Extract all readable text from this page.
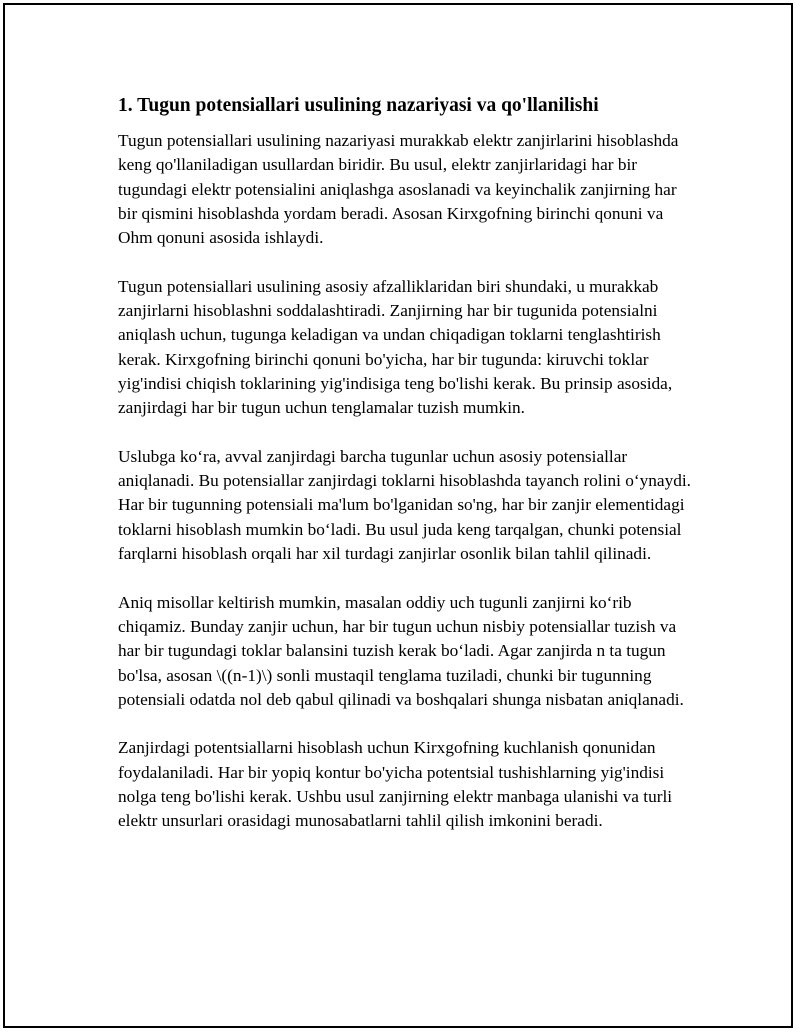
1. Tugun potensiallari usulining nazariyasi va qo'llanilishi

Tugun potensiallari usulining nazariyasi murakkab elektr zanjirlarini hisoblashda keng qo'llaniladigan usullardan biridir. Bu usul, elektr zanjirlaridagi har bir tugundagi elektr potensialini aniqlashga asoslanadi va keyinchalik zanjirning har bir qismini hisoblashda yordam beradi. Asosan Kirxgofning birinchi qonuni va Ohm qonuni asosida ishlaydi.

Tugun potensiallari usulining asosiy afzalliklaridan biri shundaki, u murakkab zanjirlarni hisoblashni soddalashtiradi. Zanjirning har bir tugunida potensialni aniqlash uchun, tugunga keladigan va undan chiqadigan toklarni tenglashtirish kerak. Kirxgofning birinchi qonuni bo'yicha, har bir tugunda: kiruvchi toklar yig'indisi chiqish toklarining yig'indisiga teng bo'lishi kerak. Bu prinsip asosida, zanjirdagi har bir tugun uchun tenglamalar tuzish mumkin.

Uslubga ko‘ra, avval zanjirdagi barcha tugunlar uchun asosiy potensiallar aniqlanadi. Bu potensiallar zanjirdagi toklarni hisoblashda tayanch rolini o‘ynaydi. Har bir tugunning potensiali ma'lum bo'lganidan so'ng, har bir zanjir elementidagi toklarni hisoblash mumkin bo‘ladi. Bu usul juda keng tarqalgan, chunki potensial farqlarni hisoblash orqali har xil turdagi zanjirlar osonlik bilan tahlil qilinadi.

Aniq misollar keltirish mumkin, masalan oddiy uch tugunli zanjirni ko‘rib chiqamiz. Bunday zanjir uchun, har bir tugun uchun nisbiy potensiallar tuzish va har bir tugundagi toklar balansini tuzish kerak bo‘ladi. Agar zanjirda n ta tugun bo'lsa, asosan \((n-1)\) sonli mustaqil tenglama tuziladi, chunki bir tugunning potensiali odatda nol deb qabul qilinadi va boshqalari shunga nisbatan aniqlanadi.

Zanjirdagi potentsiallarni hisoblash uchun Kirxgofning kuchlanish qonunidan foydalaniladi. Har bir yopiq kontur bo'yicha potentsial tushishlarning yig'indisi nolga teng bo'lishi kerak. Ushbu usul zanjirning elektr manbaga ulanishi va turli elektr unsurlari orasidagi munosabatlarni tahlil qilish imkonini beradi.
